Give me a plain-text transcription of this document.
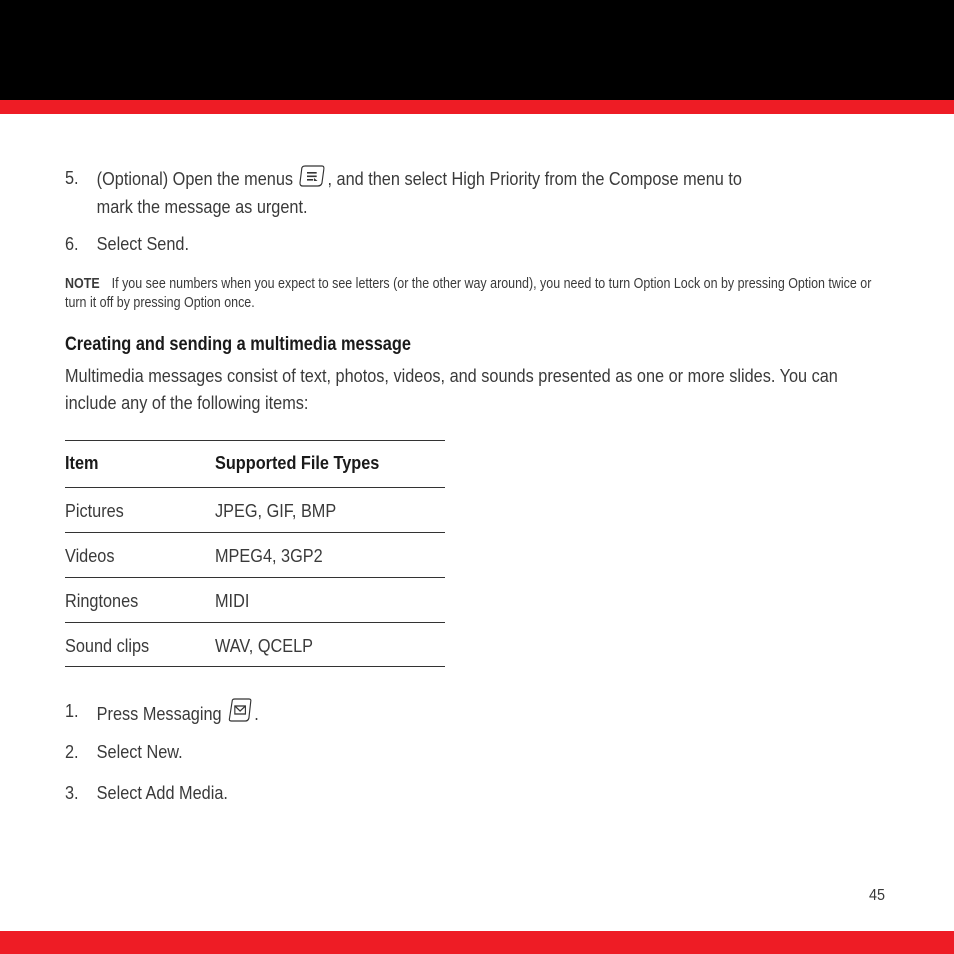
5. (Optional) Open the menus , and then select High Priority from the Compose menu to
mark the message as urgent.
6. Select Send.
NOTE If you see numbers when you expect to see letters (or the other way around), you need to turn Option Lock on by pressing Option twice or turn it off by pressing Option once.
Creating and sending a multimedia message
Multimedia messages consist of text, photos, videos, and sounds presented as one or more slides. You can include any of the following items:
Item	Supported File Types
Pictures	JPEG, GIF, BMP
Videos	MPEG4, 3GP2
Ringtones	MIDI
Sound clips	WAV, QCELP
1. Press Messaging .
2. Select New.
3. Select Add Media.
45
